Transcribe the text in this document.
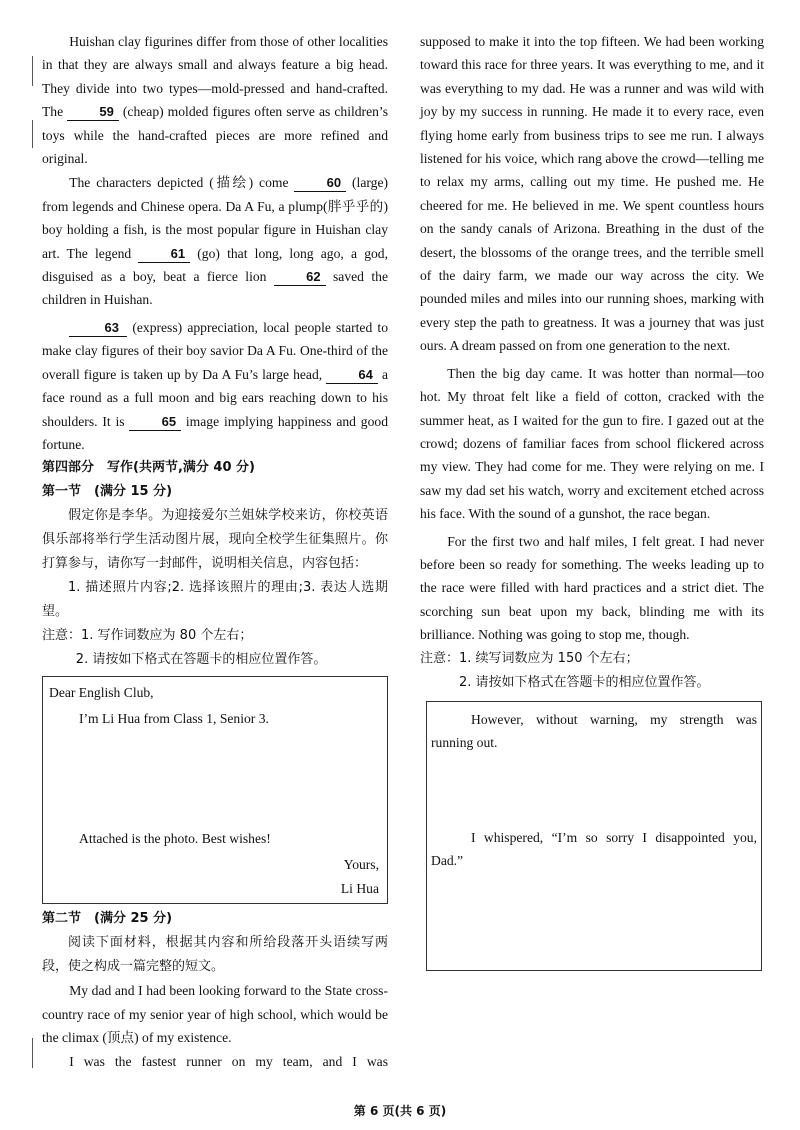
Huishan clay figurines differ from those of other localities in that they are always small and always feature a big head. They divide into two types—mold-pressed and hand-crafted. The 59 (cheap) molded figures often serve as children’s toys while the hand-crafted pieces are more refined and original.

The characters depicted (描绘) come 60 (large) from legends and Chinese opera. Da A Fu, a plump(胖乎乎的) boy holding a fish, is the most popular figure in Huishan clay art. The legend 61 (go) that long, long ago, a god, disguised as a boy, beat a fierce lion 62 saved the children in Huishan.

63 (express) appreciation, local people started to make clay figures of their boy savior Da A Fu. One-third of the overall figure is taken up by Da A Fu’s large head, 64 a face round as a full moon and big ears reaching down to his shoulders. It is 65 image implying happiness and good fortune.

第四部分　写作(共两节,满分 40 分)

第一节　(满分 15 分)

假定你是李华。为迎接爱尔兰姐妹学校来访，你校英语俱乐部将举行学生活动图片展，现向全校学生征集照片。你打算参与，请你写一封邮件，说明相关信息，内容包括：

1. 描述照片内容;2. 选择该照片的理由;3. 表达人选期望。

注意：1. 写作词数应为 80 个左右；

2. 请按如下格式在答题卡的相应位置作答。

Dear English Club,

I’m Li Hua from Class 1, Senior 3.

Attached is the photo. Best wishes!

Yours,

Li Hua

第二节　(满分 25 分)

阅读下面材料，根据其内容和所给段落开头语续写两段，使之构成一篇完整的短文。

My dad and I had been looking forward to the State cross-country race of my senior year of high school, which would be the climax (顶点) of my existence.

I was the fastest runner on my team, and I was

supposed to make it into the top fifteen. We had been working toward this race for three years. It was everything to me, and it was everything to my dad. He was a runner and was wild with joy by my success in running. He made it to every race, even flying home early from business trips to see me run. I always listened for his voice, which rang above the crowd—telling me to relax my arms, calling out my time. He pushed me. He cheered for me. He believed in me. We spent countless hours on the sandy canals of Arizona. Breathing in the dust of the desert, the blossoms of the orange trees, and the terrible smell of the dairy farm, we made our way across the city. We pounded miles and miles into our running shoes, marking with every step the path to greatness. It was a journey that was just ours. A dream passed on from one generation to the next.

Then the big day came. It was hotter than normal—too hot. My throat felt like a field of cotton, cracked with the summer heat, as I waited for the gun to fire. I gazed out at the crowd; dozens of familiar faces from school flickered across my view. They had come for me. They were relying on me. I saw my dad set his watch, worry and excitement etched across his face. With the sound of a gunshot, the race began.

For the first two and half miles, I felt great. I had never before been so ready for something. The weeks leading up to the race were filled with hard practices and a strict diet. The scorching sun beat upon my back, blinding me with its brilliance. Nothing was going to stop me, though.

注意：1. 续写词数应为 150 个左右；

2. 请按如下格式在答题卡的相应位置作答。

However, without warning, my strength was running out.

I whispered, “I’m so sorry I disappointed you, Dad.”

第 6 页(共 6 页)
